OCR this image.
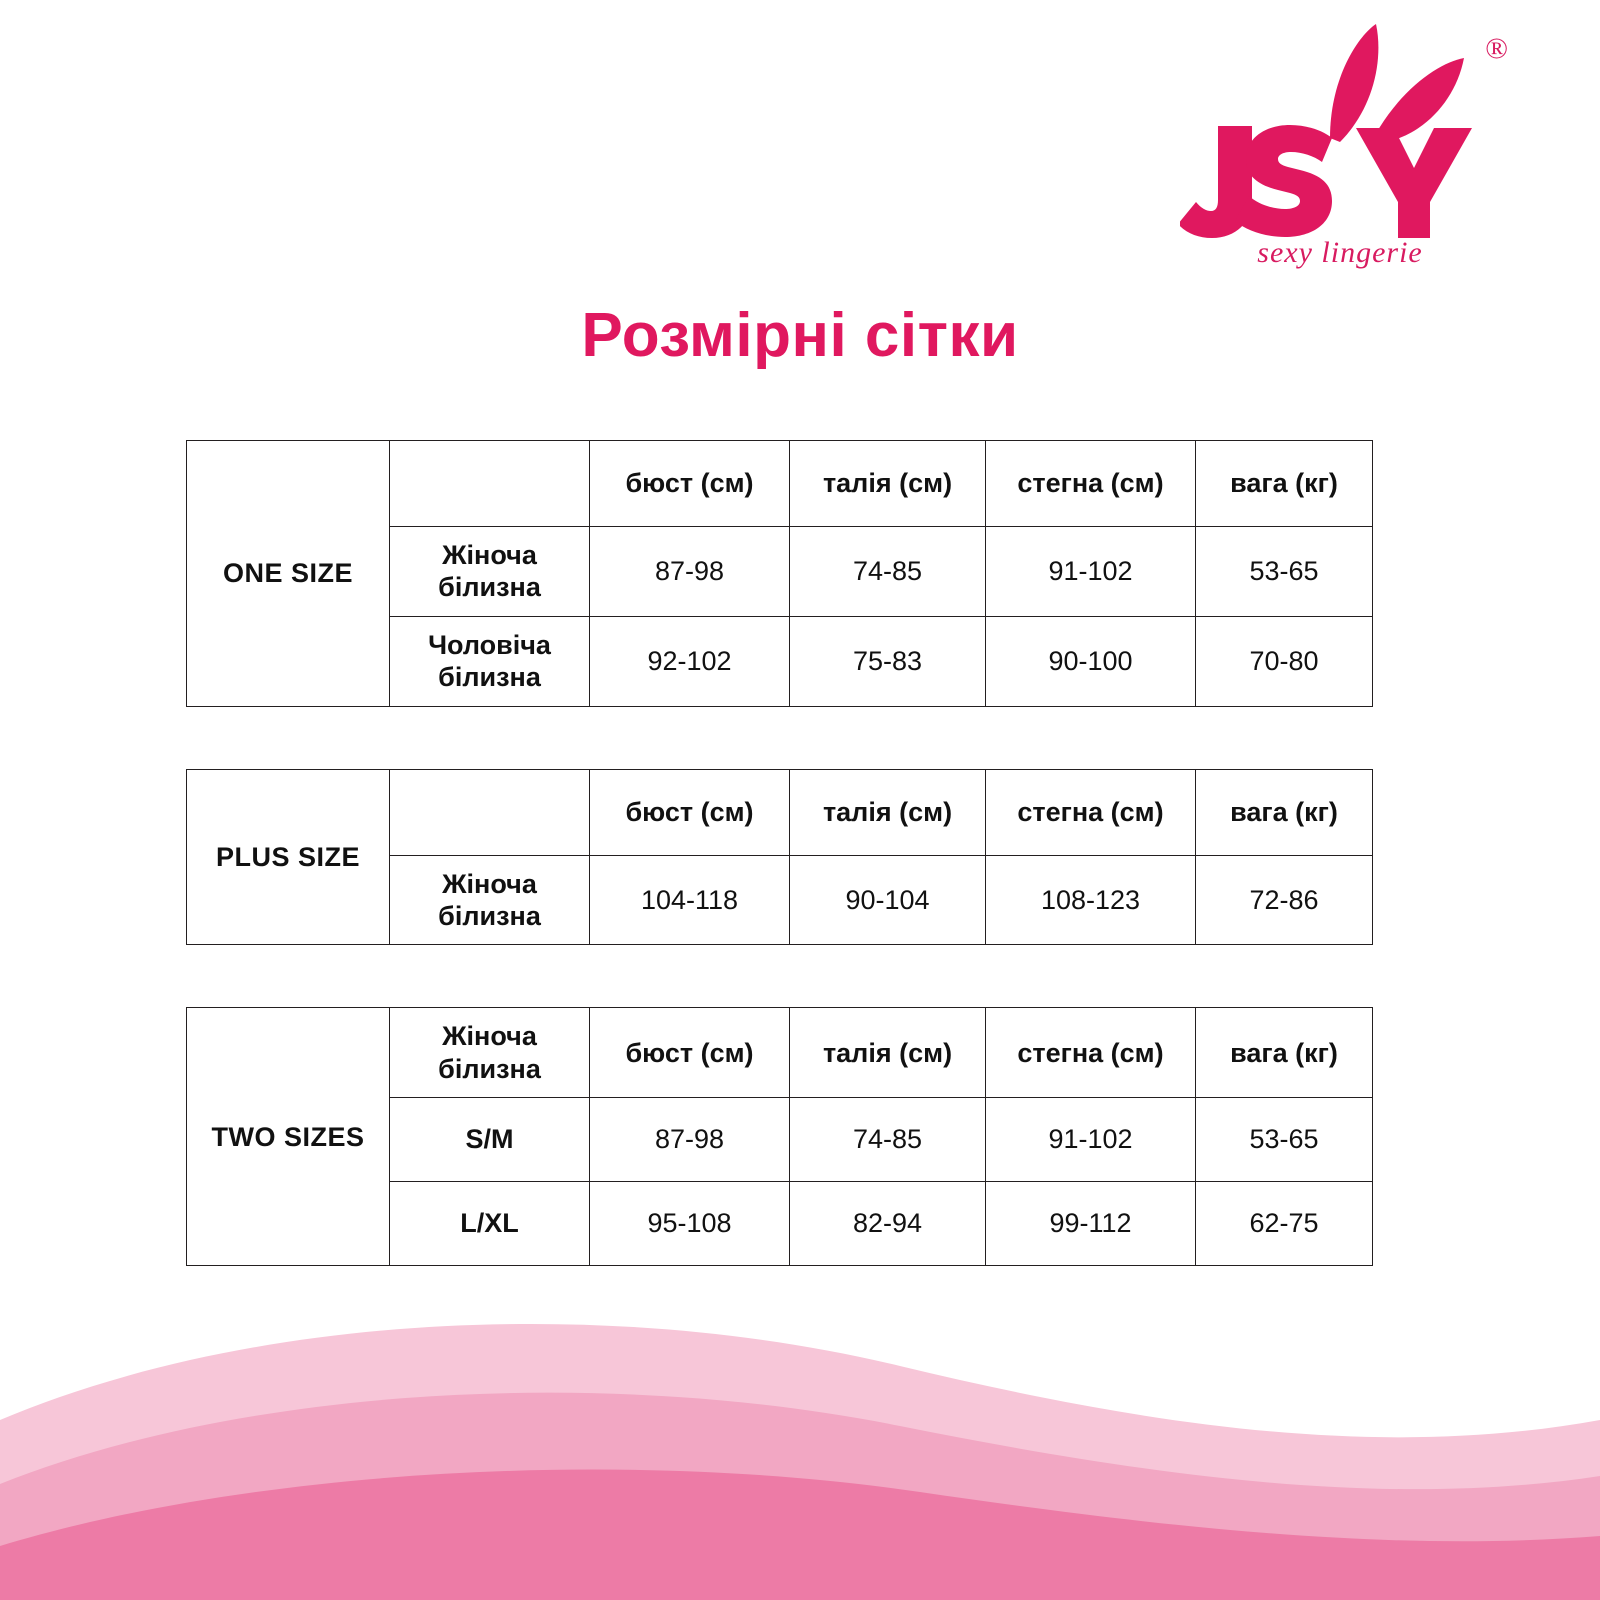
®
sexy lingerie
Розмірні сітки
ONE SIZE		бюст (см)	талія (см)	стегна (см)	вага (кг)
	Жіноча білизна	87-98	74-85	91-102	53-65
	Чоловіча білизна	92-102	75-83	90-100	70-80
PLUS SIZE		бюст (см)	талія (см)	стегна (см)	вага (кг)
	Жіноча білизна	104-118	90-104	108-123	72-86
TWO SIZES	Жіноча білизна	бюст (см)	талія (см)	стегна (см)	вага (кг)
	S/M	87-98	74-85	91-102	53-65
	L/XL	95-108	82-94	99-112	62-75
